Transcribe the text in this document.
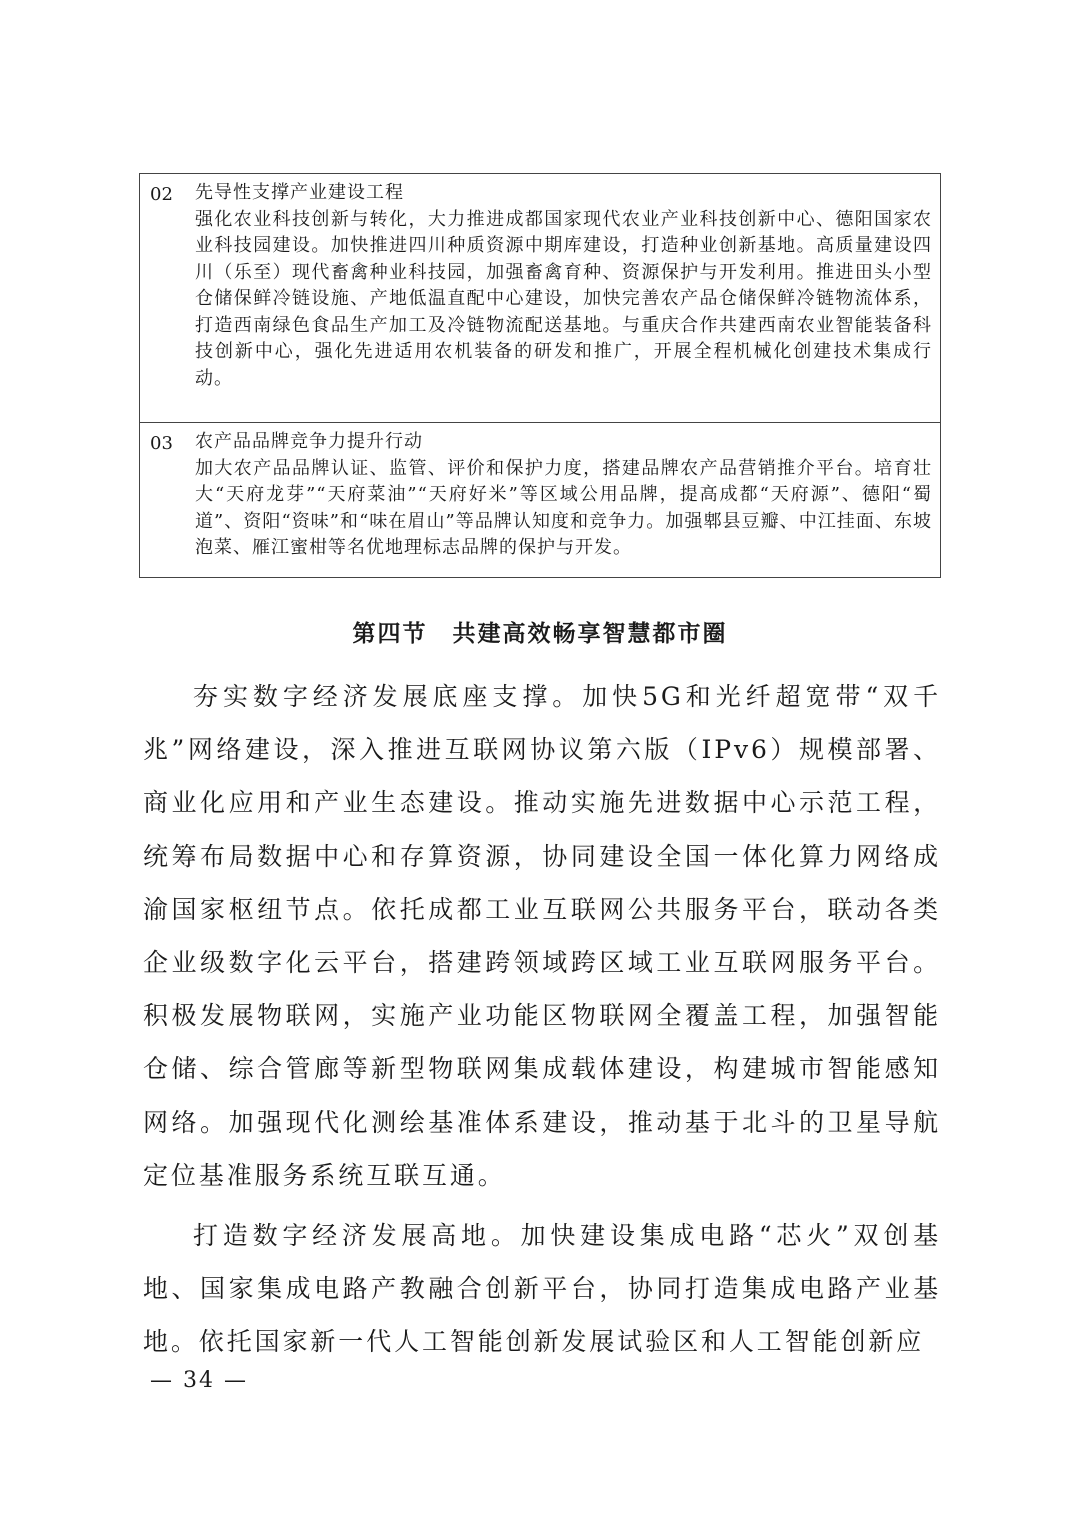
02 先导性支撑产业建设工程
强化农业科技创新与转化，大力推进成都国家现代农业产业科技创新中心、德阳国家农业科技园建设。加快推进四川种质资源中期库建设，打造种业创新基地。高质量建设四川（乐至）现代畜禽种业科技园，加强畜禽育种、资源保护与开发利用。推进田头小型仓储保鲜冷链设施、产地低温直配中心建设，加快完善农产品仓储保鲜冷链物流体系，打造西南绿色食品生产加工及冷链物流配送基地。与重庆合作共建西南农业智能装备科技创新中心，强化先进适用农机装备的研发和推广，开展全程机械化创建技术集成行动。
03 农产品品牌竞争力提升行动
加大农产品品牌认证、监管、评价和保护力度，搭建品牌农产品营销推介平台。培育壮大“天府龙芽”“天府菜油”“天府好米”等区域公用品牌，提高成都“天府源”、德阳“蜀道”、资阳“资味”和“味在眉山”等品牌认知度和竞争力。加强郫县豆瓣、中江挂面、东坡泡菜、雁江蜜柑等名优地理标志品牌的保护与开发。
第四节　共建高效畅享智慧都市圈

夯实数字经济发展底座支撑。加快5G和光纤超宽带“双千兆”网络建设，深入推进互联网协议第六版（IPv6）规模部署、商业化应用和产业生态建设。推动实施先进数据中心示范工程，统筹布局数据中心和存算资源，协同建设全国一体化算力网络成渝国家枢纽节点。依托成都工业互联网公共服务平台，联动各类企业级数字化云平台，搭建跨领域跨区域工业互联网服务平台。积极发展物联网，实施产业功能区物联网全覆盖工程，加强智能仓储、综合管廊等新型物联网集成载体建设，构建城市智能感知网络。加强现代化测绘基准体系建设，推动基于北斗的卫星导航定位基准服务系统互联互通。

— 34 —

打造数字经济发展高地。加快建设集成电路“芯火”双创基地、国家集成电路产教融合创新平台，协同打造集成电路产业基地。依托国家新一代人工智能创新发展试验区和人工智能创新应
